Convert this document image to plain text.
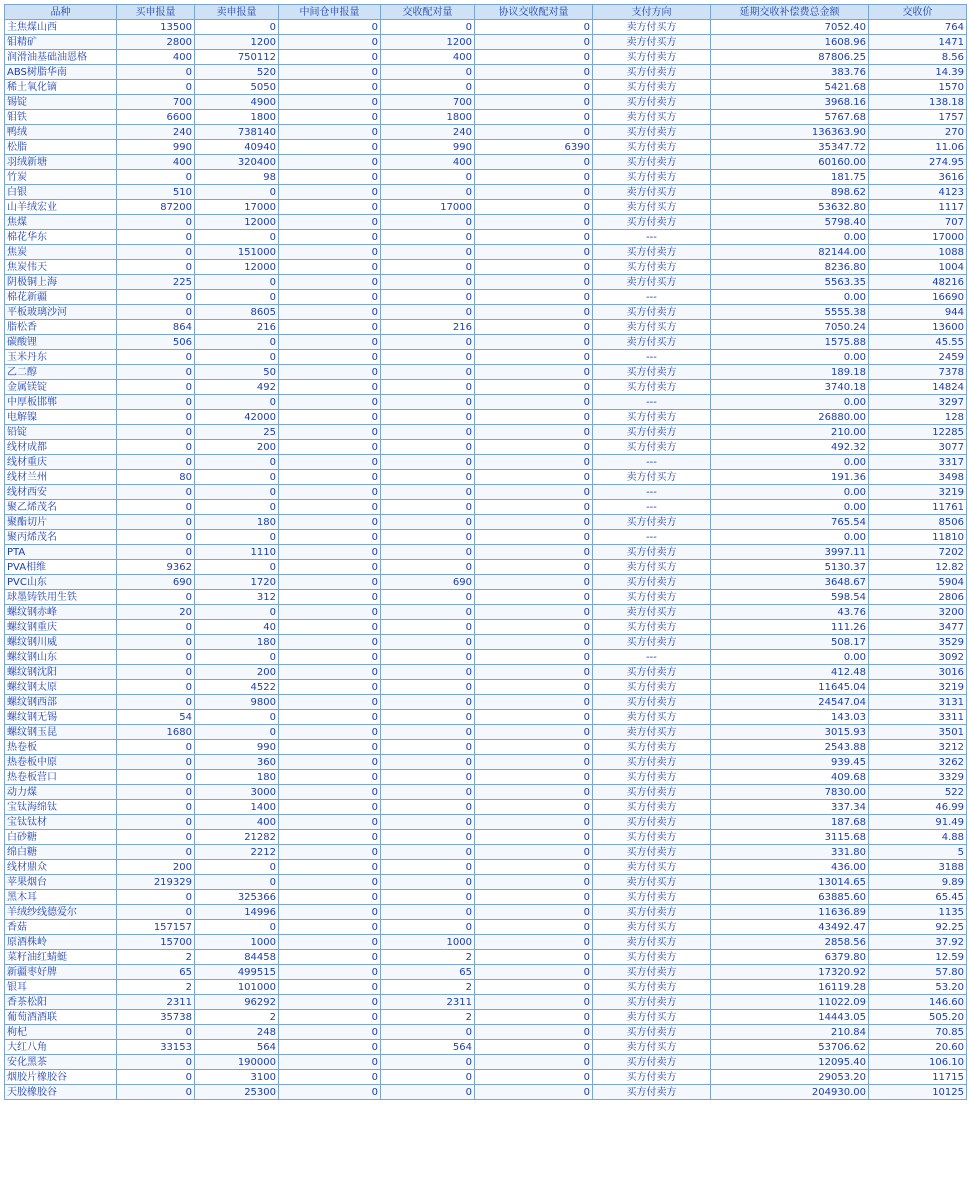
品种	买申报量	卖申报量	中间仓申报量	交收配对量	协议交收配对量	支付方向	延期交收补偿费总金额	交收价
主焦煤山西	13500	0	0	0	0	卖方付买方	7052.40	764
钼精矿	2800	1200	0	1200	0	卖方付买方	1608.96	1471
润滑油基础油恩格	400	750112	0	400	0	买方付卖方	87806.25	8.56
ABS树脂华南	0	520	0	0	0	买方付卖方	383.76	14.39
稀土氧化镝	0	5050	0	0	0	买方付卖方	5421.68	1570
锡锭	700	4900	0	700	0	买方付卖方	3968.16	138.18
钼铁	6600	1800	0	1800	0	卖方付买方	5767.68	1757
鸭绒	240	738140	0	240	0	买方付卖方	136363.90	270
松脂	990	40940	0	990	6390	买方付卖方	35347.72	11.06
羽绒新塘	400	320400	0	400	0	买方付卖方	60160.00	274.95
竹炭	0	98	0	0	0	买方付卖方	181.75	3616
白银	510	0	0	0	0	卖方付买方	898.62	4123
山羊绒宏业	87200	17000	0	17000	0	卖方付买方	53632.80	1117
焦煤	0	12000	0	0	0	买方付卖方	5798.40	707
棉花华东	0	0	0	0	0	---	0.00	17000
焦炭	0	151000	0	0	0	买方付卖方	82144.00	1088
焦炭伟天	0	12000	0	0	0	买方付卖方	8236.80	1004
阴极铜上海	225	0	0	0	0	卖方付买方	5563.35	48216
棉花新疆	0	0	0	0	0	---	0.00	16690
平板玻璃沙河	0	8605	0	0	0	买方付卖方	5555.38	944
脂松香	864	216	0	216	0	卖方付买方	7050.24	13600
碳酸锂	506	0	0	0	0	卖方付买方	1575.88	45.55
玉米丹东	0	0	0	0	0	---	0.00	2459
乙二醇	0	50	0	0	0	买方付卖方	189.18	7378
金属镁锭	0	492	0	0	0	买方付卖方	3740.18	14824
中厚板邯郸	0	0	0	0	0	---	0.00	3297
电解镍	0	42000	0	0	0	买方付卖方	26880.00	128
铅锭	0	25	0	0	0	买方付卖方	210.00	12285
线材成都	0	200	0	0	0	买方付卖方	492.32	3077
线材重庆	0	0	0	0	0	---	0.00	3317
线材兰州	80	0	0	0	0	卖方付买方	191.36	3498
线材西安	0	0	0	0	0	---	0.00	3219
聚乙烯茂名	0	0	0	0	0	---	0.00	11761
聚酯切片	0	180	0	0	0	买方付卖方	765.54	8506
聚丙烯茂名	0	0	0	0	0	---	0.00	11810
PTA	0	1110	0	0	0	买方付卖方	3997.11	7202
PVA相维	9362	0	0	0	0	卖方付买方	5130.37	12.82
PVC山东	690	1720	0	690	0	买方付卖方	3648.67	5904
球墨铸铁用生铁	0	312	0	0	0	买方付卖方	598.54	2806
螺纹钢赤峰	20	0	0	0	0	卖方付买方	43.76	3200
螺纹钢重庆	0	40	0	0	0	买方付卖方	111.26	3477
螺纹钢川威	0	180	0	0	0	买方付卖方	508.17	3529
螺纹钢山东	0	0	0	0	0	---	0.00	3092
螺纹钢沈阳	0	200	0	0	0	买方付卖方	412.48	3016
螺纹钢太原	0	4522	0	0	0	买方付卖方	11645.04	3219
螺纹钢西部	0	9800	0	0	0	买方付卖方	24547.04	3131
螺纹钢无锡	54	0	0	0	0	卖方付买方	143.03	3311
螺纹钢玉昆	1680	0	0	0	0	卖方付买方	3015.93	3501
热卷板	0	990	0	0	0	买方付卖方	2543.88	3212
热卷板中原	0	360	0	0	0	买方付卖方	939.45	3262
热卷板营口	0	180	0	0	0	买方付卖方	409.68	3329
动力煤	0	3000	0	0	0	买方付卖方	7830.00	522
宝钛海绵钛	0	1400	0	0	0	买方付卖方	337.34	46.99
宝钛钛材	0	400	0	0	0	买方付卖方	187.68	91.49
白砂糖	0	21282	0	0	0	买方付卖方	3115.68	4.88
绵白糖	0	2212	0	0	0	买方付卖方	331.80	5
线材鼎众	200	0	0	0	0	卖方付买方	436.00	3188
苹果烟台	219329	0	0	0	0	卖方付买方	13014.65	9.89
黑木耳	0	325366	0	0	0	买方付卖方	63885.60	65.45
羊绒纱线德爱尔	0	14996	0	0	0	买方付卖方	11636.89	1135
香菇	157157	0	0	0	0	卖方付买方	43492.47	92.25
原酒株岭	15700	1000	0	1000	0	卖方付买方	2858.56	37.92
菜籽油红蜻蜓	2	84458	0	2	0	买方付卖方	6379.80	12.59
新疆枣好牌	65	499515	0	65	0	买方付卖方	17320.92	57.80
银耳	2	101000	0	2	0	买方付卖方	16119.28	53.20
香茶松阳	2311	96292	0	2311	0	买方付卖方	11022.09	146.60
葡萄酒酒联	35738	2	0	2	0	卖方付买方	14443.05	505.20
枸杞	0	248	0	0	0	买方付卖方	210.84	70.85
大红八角	33153	564	0	564	0	卖方付买方	53706.62	20.60
安化黑茶	0	190000	0	0	0	买方付卖方	12095.40	106.10
烟胶片橡胶谷	0	3100	0	0	0	买方付卖方	29053.20	11715
天胶橡胶谷	0	25300	0	0	0	买方付卖方	204930.00	10125
